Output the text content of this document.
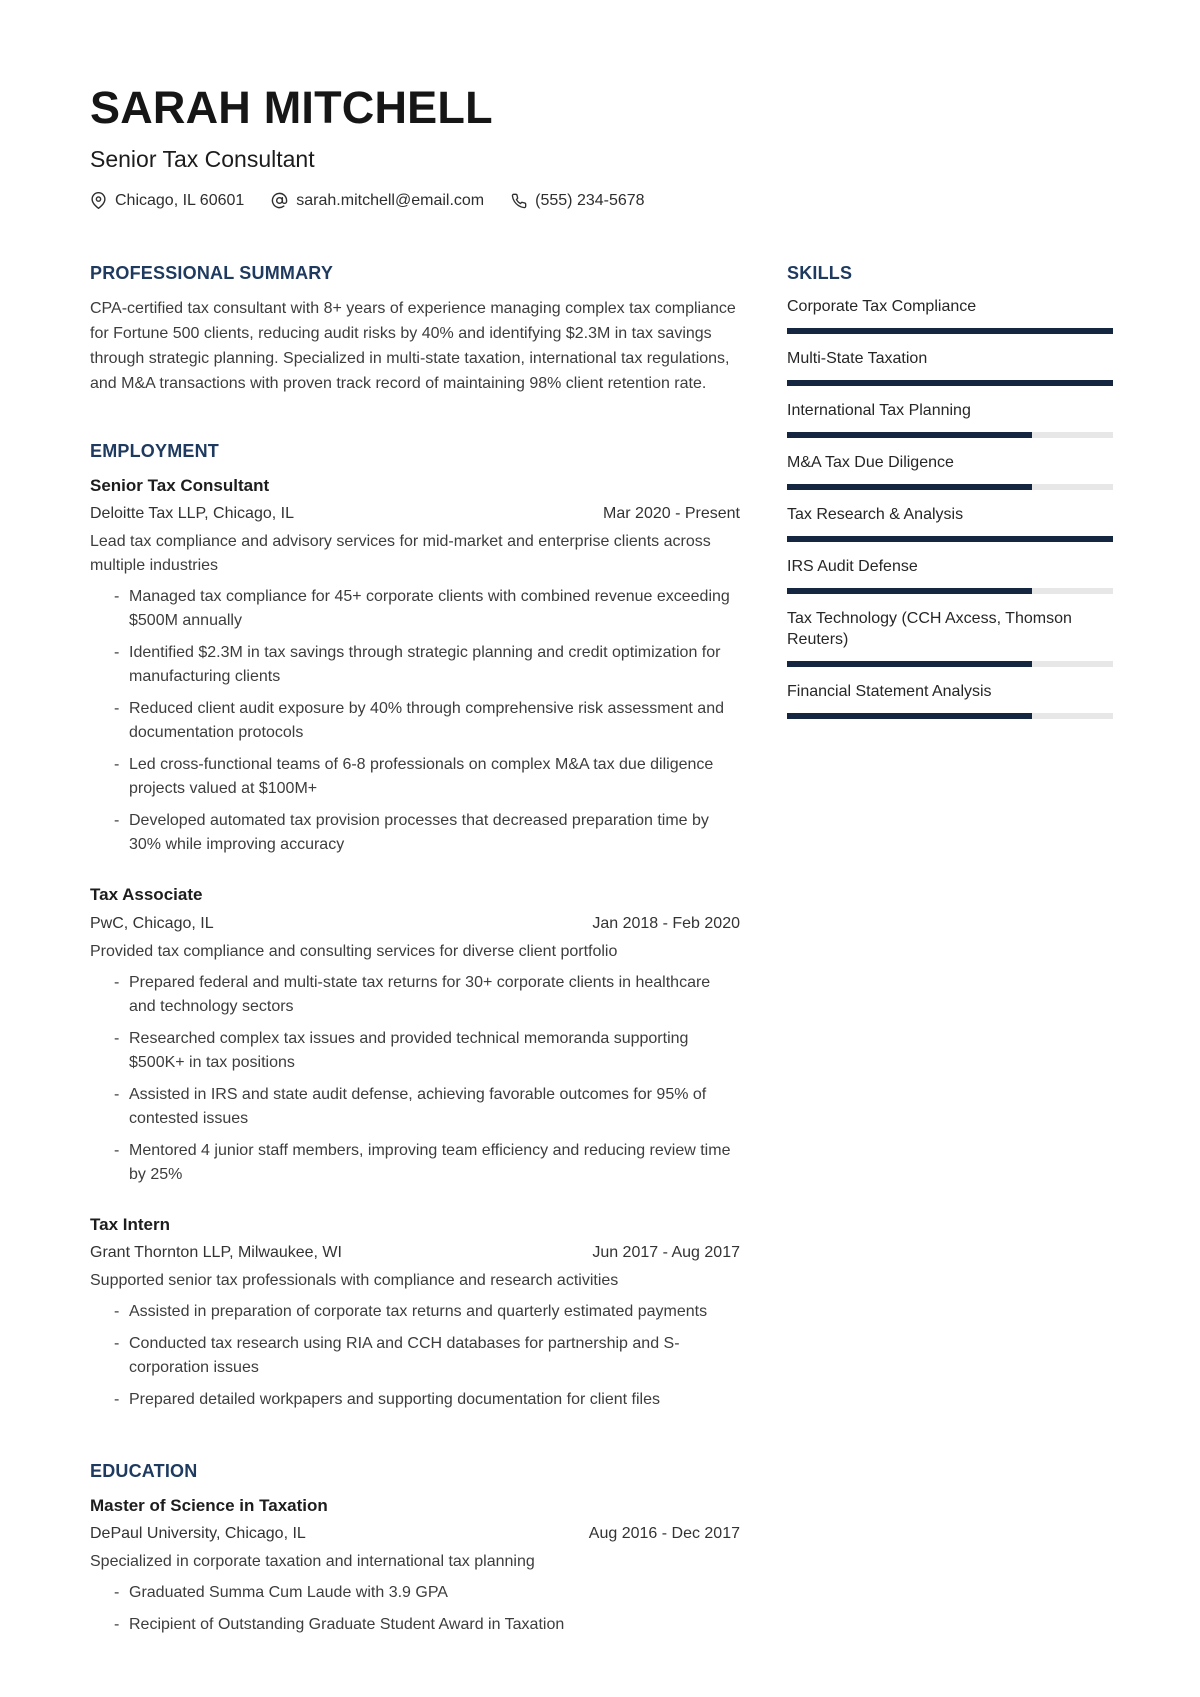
SARAH MITCHELL
Senior Tax Consultant
Chicago, IL 60601	sarah.mitchell@email.com	(555) 234-5678
PROFESSIONAL SUMMARY

CPA-certified tax consultant with 8+ years of experience managing complex tax compliance for Fortune 500 clients, reducing audit risks by 40% and identifying $2.3M in tax savings through strategic planning. Specialized in multi-state taxation, international tax regulations, and M&A transactions with proven track record of maintaining 98% client retention rate.

EMPLOYMENT
Senior Tax Consultant
Deloitte Tax LLP, Chicago, IL	Mar 2020 - Present

Lead tax compliance and advisory services for mid-market and enterprise clients across multiple industries

- Managed tax compliance for 45+ corporate clients with combined revenue exceeding $500M annually
- Identified $2.3M in tax savings through strategic planning and credit optimization for manufacturing clients
- Reduced client audit exposure by 40% through comprehensive risk assessment and documentation protocols
- Led cross-functional teams of 6-8 professionals on complex M&A tax due diligence projects valued at $100M+
- Developed automated tax provision processes that decreased preparation time by 30% while improving accuracy
Tax Associate
PwC, Chicago, IL	Jan 2018 - Feb 2020

Provided tax compliance and consulting services for diverse client portfolio

- Prepared federal and multi-state tax returns for 30+ corporate clients in healthcare and technology sectors
- Researched complex tax issues and provided technical memoranda supporting $500K+ in tax positions
- Assisted in IRS and state audit defense, achieving favorable outcomes for 95% of contested issues
- Mentored 4 junior staff members, improving team efficiency and reducing review time by 25%
Tax Intern
Grant Thornton LLP, Milwaukee, WI	Jun 2017 - Aug 2017

Supported senior tax professionals with compliance and research activities

- Assisted in preparation of corporate tax returns and quarterly estimated payments
- Conducted tax research using RIA and CCH databases for partnership and S-corporation issues
- Prepared detailed workpapers and supporting documentation for client files
EDUCATION
Master of Science in Taxation
DePaul University, Chicago, IL	Aug 2016 - Dec 2017

Specialized in corporate taxation and international tax planning

- Graduated Summa Cum Laude with 3.9 GPA
- Recipient of Outstanding Graduate Student Award in Taxation
SKILLS
Corporate Tax Compliance
Multi-State Taxation
International Tax Planning
M&A Tax Due Diligence
Tax Research & Analysis
IRS Audit Defense
Tax Technology (CCH Axcess, Thomson Reuters)
Financial Statement Analysis
